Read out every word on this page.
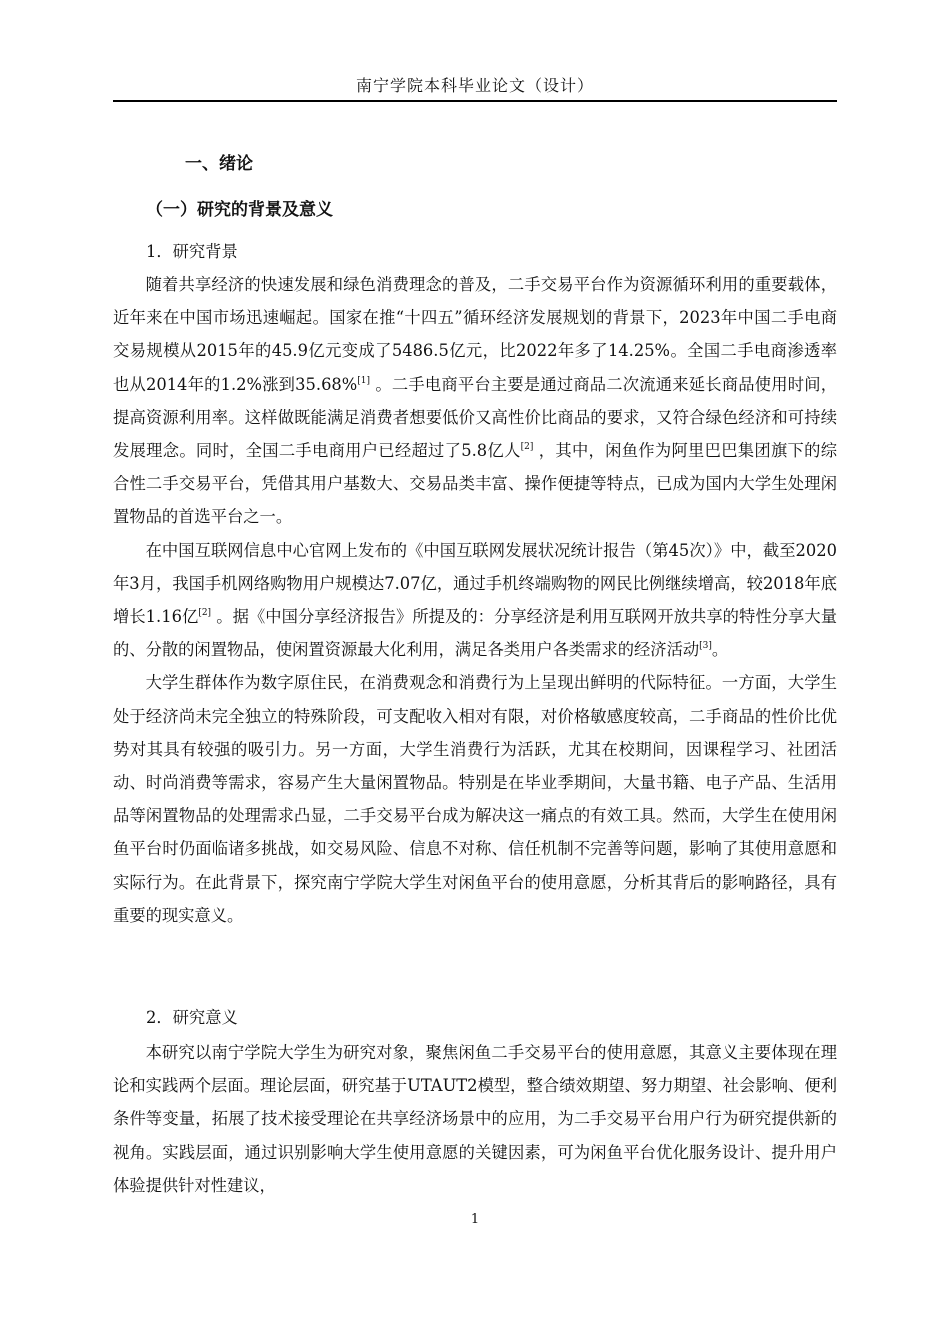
南宁学院本科毕业论文（设计）
一、绪论
（一）研究的背景及意义
1．研究背景

随着共享经济的快速发展和绿色消费理念的普及，二手交易平台作为资源循环利用的重要载体，近年来在中国市场迅速崛起。国家在推“十四五”循环经济发展规划的背景下，2023年中国二手电商交易规模从2015年的45.9亿元变成了5486.5亿元，比2022年多了14.25%。全国二手电商渗透率也从2014年的1.2%涨到35.68%[1] 。二手电商平台主要是通过商品二次流通来延长商品使用时间，提高资源利用率。这样做既能满足消费者想要低价又高性价比商品的要求，又符合绿色经济和可持续发展理念。同时，全国二手电商用户已经超过了5.8亿人[2] ，其中，闲鱼作为阿里巴巴集团旗下的综合性二手交易平台，凭借其用户基数大、交易品类丰富、操作便捷等特点，已成为国内大学生处理闲置物品的首选平台之一。

在中国互联网信息中心官网上发布的《中国互联网发展状况统计报告（第45次）》中，截至2020年3月，我国手机网络购物用户规模达7.07亿，通过手机终端购物的网民比例继续增高，较2018年底增长1.16亿[2] 。据《中国分享经济报告》所提及的：分享经济是利用互联网开放共享的特性分享大量的、分散的闲置物品，使闲置资源最大化利用，满足各类用户各类需求的经济活动[3]。

大学生群体作为数字原住民，在消费观念和消费行为上呈现出鲜明的代际特征。一方面，大学生处于经济尚未完全独立的特殊阶段，可支配收入相对有限，对价格敏感度较高，二手商品的性价比优势对其具有较强的吸引力。另一方面，大学生消费行为活跃，尤其在校期间，因课程学习、社团活动、时尚消费等需求，容易产生大量闲置物品。特别是在毕业季期间，大量书籍、电子产品、生活用品等闲置物品的处理需求凸显，二手交易平台成为解决这一痛点的有效工具。然而，大学生在使用闲鱼平台时仍面临诸多挑战，如交易风险、信息不对称、信任机制不完善等问题，影响了其使用意愿和实际行为。在此背景下，探究南宁学院大学生对闲鱼平台的使用意愿，分析其背后的影响路径，具有重要的现实意义。

2．研究意义

本研究以南宁学院大学生为研究对象，聚焦闲鱼二手交易平台的使用意愿，其意义主要体现在理论和实践两个层面。理论层面，研究基于UTAUT2模型，整合绩效期望、努力期望、社会影响、便利条件等变量，拓展了技术接受理论在共享经济场景中的应用，为二手交易平台用户行为研究提供新的视角。实践层面，通过识别影响大学生使用意愿的关键因素，可为闲鱼平台优化服务设计、提升用户体验提供针对性建议，

1
